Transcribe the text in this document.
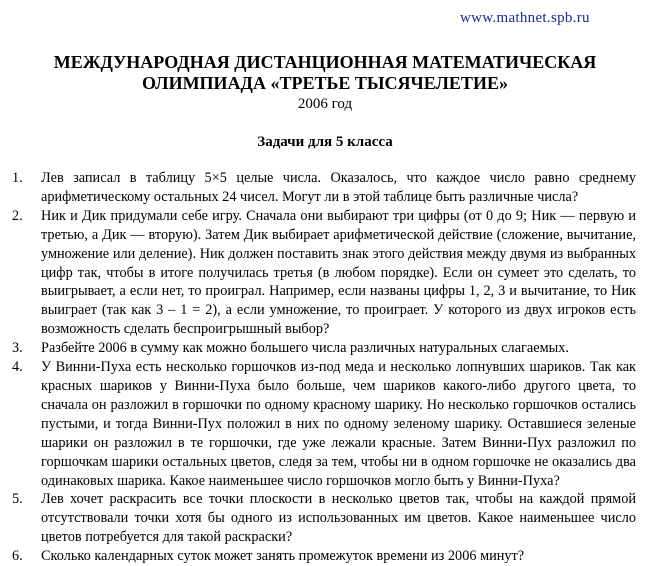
www.mathnet.spb.ru
МЕЖДУНАРОДНАЯ ДИСТАНЦИОННАЯ МАТЕМАТИЧЕСКАЯ
ОЛИМПИАДА «ТРЕТЬЕ ТЫСЯЧЕЛЕТИЕ»
2006 год
Задачи для 5 класса
1. Лев записал в таблицу 5×5 целые числа. Оказалось, что каждое число равно среднему арифметическому остальных 24 чисел. Могут ли в этой таблице быть различные числа?
2. Ник и Дик придумали себе игру. Сначала они выбирают три цифры (от 0 до 9; Ник — первую и третью, а Дик — вторую). Затем Дик выбирает арифметической действие (сложение, вычитание, умножение или деление). Ник должен поставить знак этого действия между двумя из выбранных цифр так, чтобы в итоге получилась третья (в любом порядке). Если он сумеет это сделать, то выигрывает, а если нет, то проиграл. Например, если названы цифры 1, 2, 3 и вычитание, то Ник выиграет (так как 3 – 1 = 2), а если умножение, то проиграет. У которого из двух игроков есть возможность сделать беспроигрышный выбор?
3. Разбейте 2006 в сумму как можно большего числа различных натуральных слагаемых.
4. У Винни-Пуха есть несколько горшочков из-под меда и несколько лопнувших шариков. Так как красных шариков у Винни-Пуха было больше, чем шариков какого-либо другого цвета, то сначала он разложил в горшочки по одному красному шарику. Но несколько горшочков остались пустыми, и тогда Винни-Пух положил в них по одному зеленому шарику. Оставшиеся зеленые шарики он разложил в те горшочки, где уже лежали красные. Затем Винни-Пух разложил по горшочкам шарики остальных цветов, следя за тем, чтобы ни в одном горшочке не оказались два одинаковых шарика. Какое наименьшее число горшочков могло быть у Винни-Пуха?
5. Лев хочет раскрасить все точки плоскости в несколько цветов так, чтобы на каждой прямой отсутствовали точки хотя бы одного из использованных им цветов. Какое наименьшее число цветов потребуется для такой раскраски?
6. Сколько календарных суток может занять промежуток времени из 2006 минут?
